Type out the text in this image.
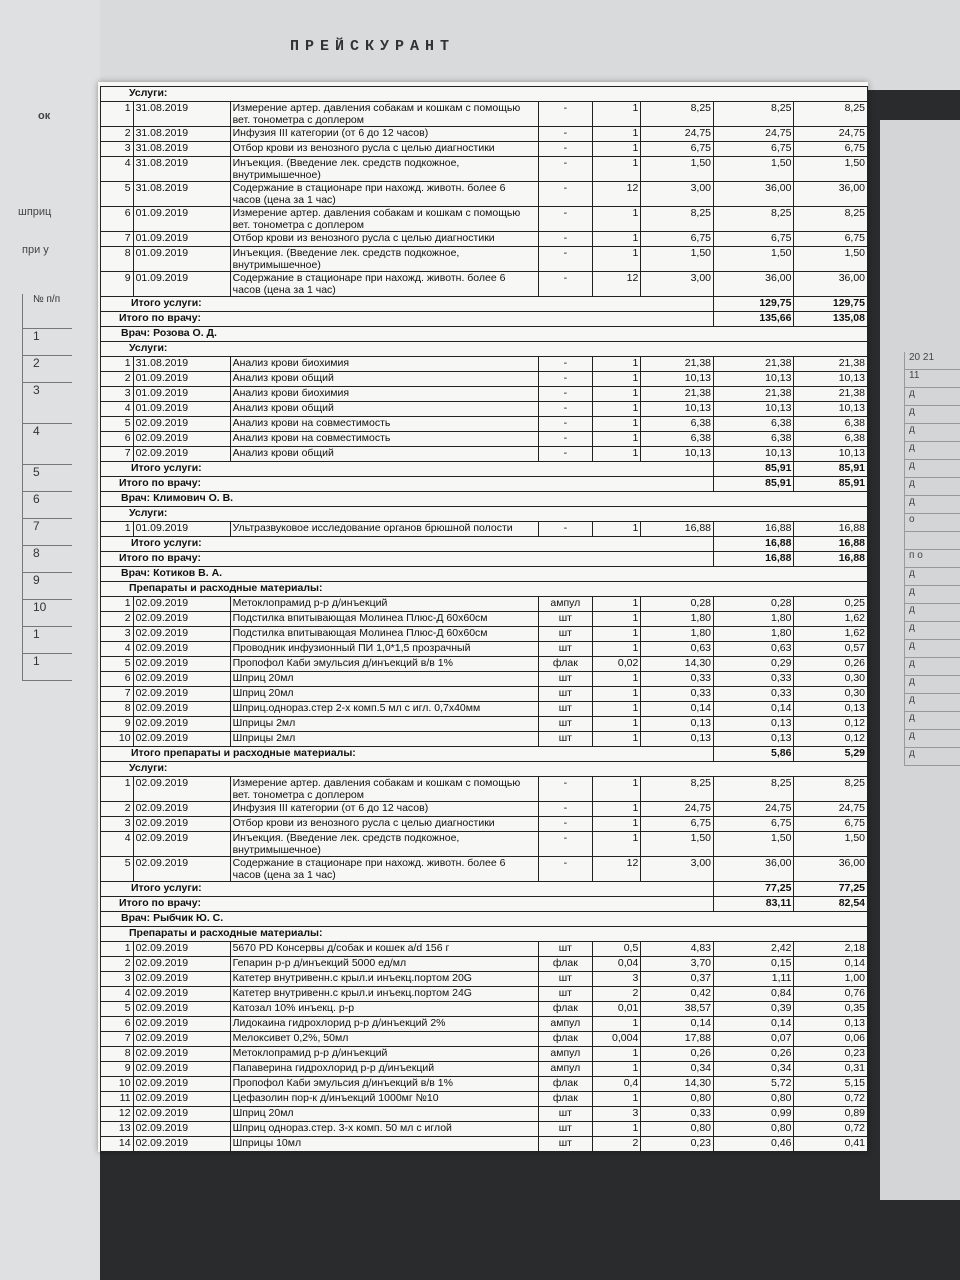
ПРЕЙСКУРАНТ
ок
шприц
при у
№ п/п
1
2
3
4
5
6
7
8
9
10
1
1
20 21
11
д
д
д
д
д
д
д
о
п о
д
д
д
д
д
д
д
д
д
д
д
Услуги:							
1	31.08.2019	Измерение артер. давления собакам и кошкам с помощью вет. тонометра с доплером	-	1	8,25	8,25	8,25
2	31.08.2019	Инфузия III категории (от 6 до 12 часов)	-	1	24,75	24,75	24,75
3	31.08.2019	Отбор крови из венозного русла с целью диагностики	-	1	6,75	6,75	6,75
4	31.08.2019	Инъекция. (Введение лек. средств подкожное, внутримышечное)	-	1	1,50	1,50	1,50
5	31.08.2019	Содержание в стационаре при нахожд. животн. более 6 часов (цена за 1 час)	-	12	3,00	36,00	36,00
6	01.09.2019	Измерение артер. давления собакам и кошкам с помощью вет. тонометра с доплером	-	1	8,25	8,25	8,25
7	01.09.2019	Отбор крови из венозного русла с целью диагностики	-	1	6,75	6,75	6,75
8	01.09.2019	Инъекция. (Введение лек. средств подкожное, внутримышечное)	-	1	1,50	1,50	1,50
9	01.09.2019	Содержание в стационаре при нахожд. животн. более 6 часов (цена за 1 час)	-	12	3,00	36,00	36,00
Итого услуги:						129,75	129,75
Итого по врачу:						135,66	135,08
Врач: Розова О. Д.							
Услуги:							
1	31.08.2019	Анализ крови биохимия	-	1	21,38	21,38	21,38
2	01.09.2019	Анализ крови общий	-	1	10,13	10,13	10,13
3	01.09.2019	Анализ крови биохимия	-	1	21,38	21,38	21,38
4	01.09.2019	Анализ крови общий	-	1	10,13	10,13	10,13
5	02.09.2019	Анализ крови на совместимость	-	1	6,38	6,38	6,38
6	02.09.2019	Анализ крови на совместимость	-	1	6,38	6,38	6,38
7	02.09.2019	Анализ крови общий	-	1	10,13	10,13	10,13
Итого услуги:						85,91	85,91
Итого по врачу:						85,91	85,91
Врач: Климович О. В.							
Услуги:							
1	01.09.2019	Ультразвуковое исследование органов брюшной полости	-	1	16,88	16,88	16,88
Итого услуги:						16,88	16,88
Итого по врачу:						16,88	16,88
Врач: Котиков В. А.							
Препараты и расходные материалы:							
1	02.09.2019	Метоклопрамид р-р д/инъекций	ампул	1	0,28	0,28	0,25
2	02.09.2019	Подстилка впитывающая Молинеа Плюс-Д 60х60см	шт	1	1,80	1,80	1,62
3	02.09.2019	Подстилка впитывающая Молинеа Плюс-Д 60х60см	шт	1	1,80	1,80	1,62
4	02.09.2019	Проводник инфузионный ПИ 1,0*1,5 прозрачный	шт	1	0,63	0,63	0,57
5	02.09.2019	Пропофол Каби эмульсия д/инъекций в/в 1%	флак	0,02	14,30	0,29	0,26
6	02.09.2019	Шприц 20мл	шт	1	0,33	0,33	0,30
7	02.09.2019	Шприц 20мл	шт	1	0,33	0,33	0,30
8	02.09.2019	Шприц.однораз.стер 2-х комп.5 мл с игл. 0,7х40мм	шт	1	0,14	0,14	0,13
9	02.09.2019	Шприцы 2мл	шт	1	0,13	0,13	0,12
10	02.09.2019	Шприцы 2мл	шт	1	0,13	0,13	0,12
Итого препараты и расходные материалы:						5,86	5,29
Услуги:							
1	02.09.2019	Измерение артер. давления собакам и кошкам с помощью вет. тонометра с доплером	-	1	8,25	8,25	8,25
2	02.09.2019	Инфузия III категории (от 6 до 12 часов)	-	1	24,75	24,75	24,75
3	02.09.2019	Отбор крови из венозного русла с целью диагностики	-	1	6,75	6,75	6,75
4	02.09.2019	Инъекция. (Введение лек. средств подкожное, внутримышечное)	-	1	1,50	1,50	1,50
5	02.09.2019	Содержание в стационаре при нахожд. животн. более 6 часов (цена за 1 час)	-	12	3,00	36,00	36,00
Итого услуги:						77,25	77,25
Итого по врачу:						83,11	82,54
Врач: Рыбчик Ю. С.							
Препараты и расходные материалы:							
1	02.09.2019	5670 PD Консервы д/собак и кошек a/d 156 г	шт	0,5	4,83	2,42	2,18
2	02.09.2019	Гепарин р-р д/инъекций 5000 ед/мл	флак	0,04	3,70	0,15	0,14
3	02.09.2019	Катетер внутривенн.с крыл.и инъекц.портом 20G	шт	3	0,37	1,11	1,00
4	02.09.2019	Катетер внутривенн.с крыл.и инъекц.портом 24G	шт	2	0,42	0,84	0,76
5	02.09.2019	Катозал 10% инъекц. р-р	флак	0,01	38,57	0,39	0,35
6	02.09.2019	Лидокаина гидрохлорид р-р д/инъекций 2%	ампул	1	0,14	0,14	0,13
7	02.09.2019	Мелоксивет 0,2%, 50мл	флак	0,004	17,88	0,07	0,06
8	02.09.2019	Метоклопрамид р-р д/инъекций	ампул	1	0,26	0,26	0,23
9	02.09.2019	Папаверина гидрохлорид р-р д/инъекций	ампул	1	0,34	0,34	0,31
10	02.09.2019	Пропофол Каби эмульсия д/инъекций в/в 1%	флак	0,4	14,30	5,72	5,15
11	02.09.2019	Цефазолин пор-к д/инъекций 1000мг №10	флак	1	0,80	0,80	0,72
12	02.09.2019	Шприц 20мл	шт	3	0,33	0,99	0,89
13	02.09.2019	Шприц однораз.стер. 3-х комп. 50 мл с иглой	шт	1	0,80	0,80	0,72
14	02.09.2019	Шприцы 10мл	шт	2	0,23	0,46	0,41
